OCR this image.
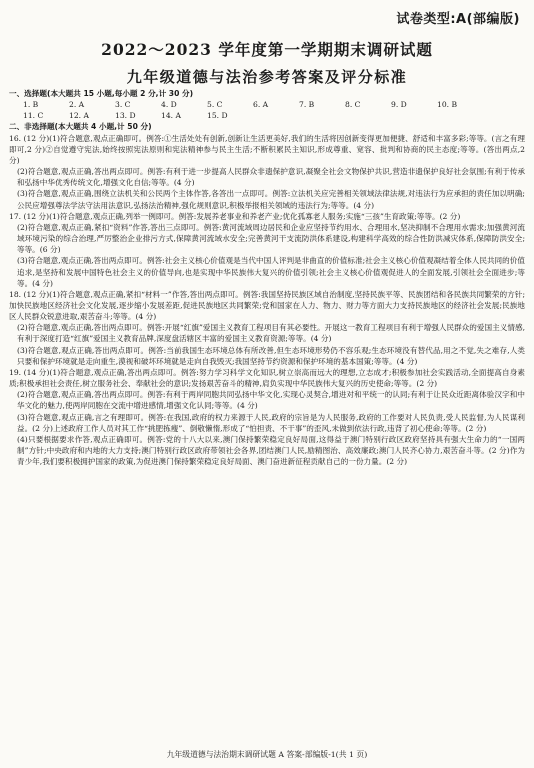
试卷类型:A(部编版)
2022～2023 学年度第一学期期末调研试题
九年级道德与法治参考答案及评分标准
一、选择题(本大题共 15 小题,每小题 2 分,计 30 分)
1. B	2. A	3. C	4. D	5. C	6. A	7. B	8. C	9. D	10. B
11. C	12. A	13. D	14. A	15. D
二、非选择题(本大题共 4 小题,计 50 分)

16. (12 分)(1)符合题意,观点正确即可。例答:①生活处处有创新,创新让生活更美好,我们的生活将因创新变得更加便捷、舒适和丰富多彩;等等。(言之有理即可,2 分)②自觉遵守宪法,始终按照宪法原则和宪法精神参与民主生活;不断积累民主知识,形成尊重、宽容、批判和协商的民主态度;等等。(答出两点,2 分)

(2)符合题意,观点正确,答出两点即可。例答:有利于进一步提高人民群众非遗保护意识,凝聚全社会文物保护共识,营造非遗保护良好社会氛围;有利于传承和弘扬中华优秀传统文化,增强文化自信;等等。(4 分)

(3)符合题意,观点正确,围绕立法机关和公民两个主体作答,各答出一点即可。例答:立法机关应完善相关领域法律法规,对违法行为应承担的责任加以明确;公民应增强尊法学法守法用法意识,弘扬法治精神,强化规则意识,积极举报相关领域的违法行为;等等。(4 分)

17. (12 分)(1)符合题意,观点正确,列举一例即可。例答:发展养老事业和养老产业;优化孤寡老人服务;实施“三孩”生育政策;等等。(2 分)

(2)符合题意,观点正确,紧扣“资料”作答,答出三点即可。例答:黄河流域周边居民和企业应坚持节约用水、合理用水,坚决抑制不合理用水需求;加强黄河流域环境污染的综合治理,严厉整治企业排污方式,保障黄河流域水安全;完善黄河干支流防洪体系建设,构建科学高效的综合性防洪减灾体系,保障防洪安全;等等。(6 分)

(3)符合题意,观点正确,答出两点即可。例答:社会主义核心价值观是当代中国人评判是非曲直的价值标准;社会主义核心价值观凝结着全体人民共同的价值追求,是坚持和发展中国特色社会主义的价值导向,也是实现中华民族伟大复兴的价值引领;社会主义核心价值观促进人的全面发展,引领社会全面进步;等等。(4 分)

18. (12 分)(1)符合题意,观点正确,紧扣“材料一”作答,答出两点即可。例答:我国坚持民族区域自治制度,坚持民族平等、民族团结和各民族共同繁荣的方针;加快民族地区经济社会文化发展,逐步缩小发展差距,促进民族地区共同繁荣;党和国家在人力、物力、财力等方面大力支持民族地区的经济社会发展;民族地区人民群众锐意进取,艰苦奋斗;等等。(4 分)

(2)符合题意,观点正确,答出两点即可。例答:开展“红旗”爱国主义教育工程项目有其必要性。开展这一教育工程项目有利于增强人民群众的爱国主义情感,有利于深度打造“红旗”爱国主义教育品牌,深度盘活辖区丰富的爱国主义教育资源;等等。(4 分)

(3)符合题意,观点正确,答出两点即可。例答:当前我国生态环境总体有所改善,但生态环境形势仍不容乐观;生态环境没有替代品,用之不觉,失之难存,人类只要和保护环境就是走向重生,漠视和破坏环境就是走向自我毁灭;我国坚持节约资源和保护环境的基本国策;等等。(4 分)

19. (14 分)(1)符合题意,观点正确,答出两点即可。例答:努力学习科学文化知识,树立崇高而远大的理想,立志成才;积极参加社会实践活动,全面提高自身素质;积极承担社会责任,树立服务社会、奉献社会的意识;发扬艰苦奋斗的精神,肩负实现中华民族伟大复兴的历史使命;等等。(2 分)

(2)符合题意,观点正确,答出两点即可。例答:有利于两岸同胞共同弘扬中华文化,实现心灵契合,增进对和平统一的认同;有利于让民众近距离体验汉字和中华文化的魅力,使两岸同胞在交流中增进感情,增强文化认同;等等。(4 分)

(3)符合题意,观点正确,言之有理即可。例答:在我国,政府的权力来源于人民,政府的宗旨是为人民服务,政府的工作要对人民负责,受人民监督,为人民谋利益。(2 分)上述政府工作人员对其工作“挑肥拣瘦”、倒敬懒惰,形成了“怕担责、不干事”的歪风,未做到依法行政,违背了初心使命;等等。(2 分)

(4)只要根据要求作答,观点正确即可。例答:党的十八大以来,澳门保持繁荣稳定良好局面,这得益于澳门特别行政区政府坚持具有强大生命力的“一国两制”方针;中央政府和内地的大力支持;澳门特别行政区政府带领社会各界,团结澳门人民,励精图治、高效廉政;澳门人民齐心协力,艰苦奋斗等。(2 分)作为青少年,我们要积极拥护国家的政策,为促进澳门保持繁荣稳定良好局面、澳门奋进新征程贡献自己的一份力量。(2 分)

九年级道德与法治期末调研试题 A 答案-部编版-1(共 1 页)
